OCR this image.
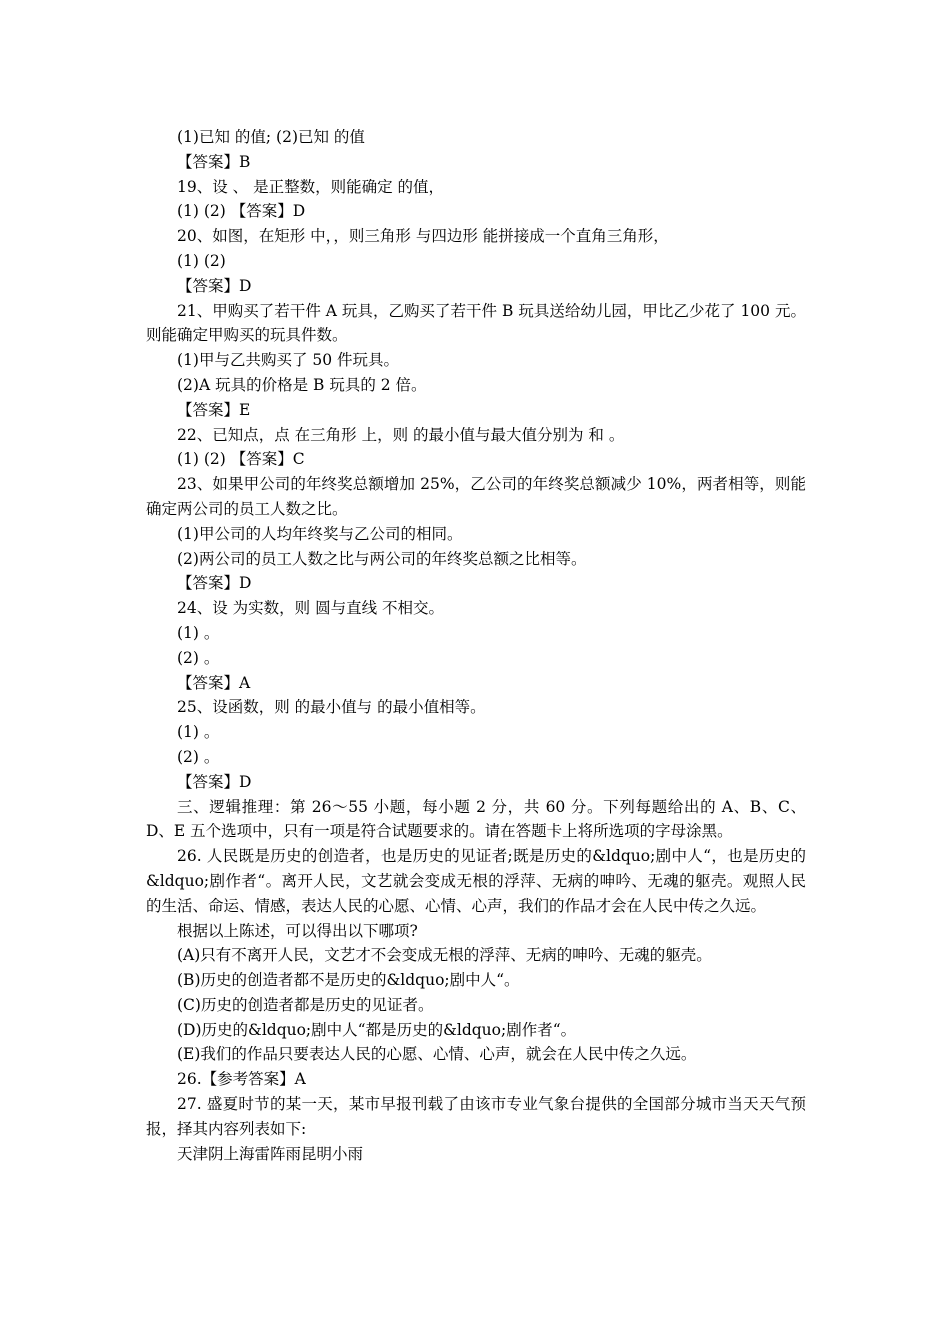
(1)已知 的值; (2)已知 的值

【答案】B

19、设 、 是正整数，则能确定 的值，

(1) (2) 【答案】D

20、如图，在矩形 中，，则三角形 与四边形 能拼接成一个直角三角形，

(1) (2)

【答案】D

21、甲购买了若干件 A 玩具，乙购买了若干件 B 玩具送给幼儿园，甲比乙少花了 100 元。则能确定甲购买的玩具件数。

(1)甲与乙共购买了 50 件玩具。

(2)A 玩具的价格是 B 玩具的 2 倍。

【答案】E

22、已知点，点 在三角形 上，则 的最小值与最大值分别为 和 。

(1) (2) 【答案】C

23、如果甲公司的年终奖总额增加 25%，乙公司的年终奖总额减少 10%，两者相等，则能确定两公司的员工人数之比。

(1)甲公司的人均年终奖与乙公司的相同。

(2)两公司的员工人数之比与两公司的年终奖总额之比相等。

【答案】D

24、设 为实数，则 圆与直线 不相交。

(1) 。

(2) 。

【答案】A

25、设函数，则 的最小值与 的最小值相等。

(1) 。

(2) 。

【答案】D

三、逻辑推理：第 26～55 小题，每小题 2 分，共 60 分。下列每题给出的 A、B、C、D、E 五个选项中，只有一项是符合试题要求的。请在答题卡上将所选项的字母涂黑。

26. 人民既是历史的创造者，也是历史的见证者;既是历史的&ldquo;剧中人“，也是历史的&ldquo;剧作者“。离开人民，文艺就会变成无根的浮萍、无病的呻吟、无魂的躯壳。观照人民的生活、命运、情感，表达人民的心愿、心情、心声，我们的作品才会在人民中传之久远。

根据以上陈述，可以得出以下哪项?

(A)只有不离开人民，文艺才不会变成无根的浮萍、无病的呻吟、无魂的躯壳。

(B)历史的创造者都不是历史的&ldquo;剧中人“。

(C)历史的创造者都是历史的见证者。

(D)历史的&ldquo;剧中人“都是历史的&ldquo;剧作者“。

(E)我们的作品只要表达人民的心愿、心情、心声，就会在人民中传之久远。

26.【参考答案】A

27. 盛夏时节的某一天，某市早报刊载了由该市专业气象台提供的全国部分城市当天天气预报，择其内容列表如下:

天津阴上海雷阵雨昆明小雨
